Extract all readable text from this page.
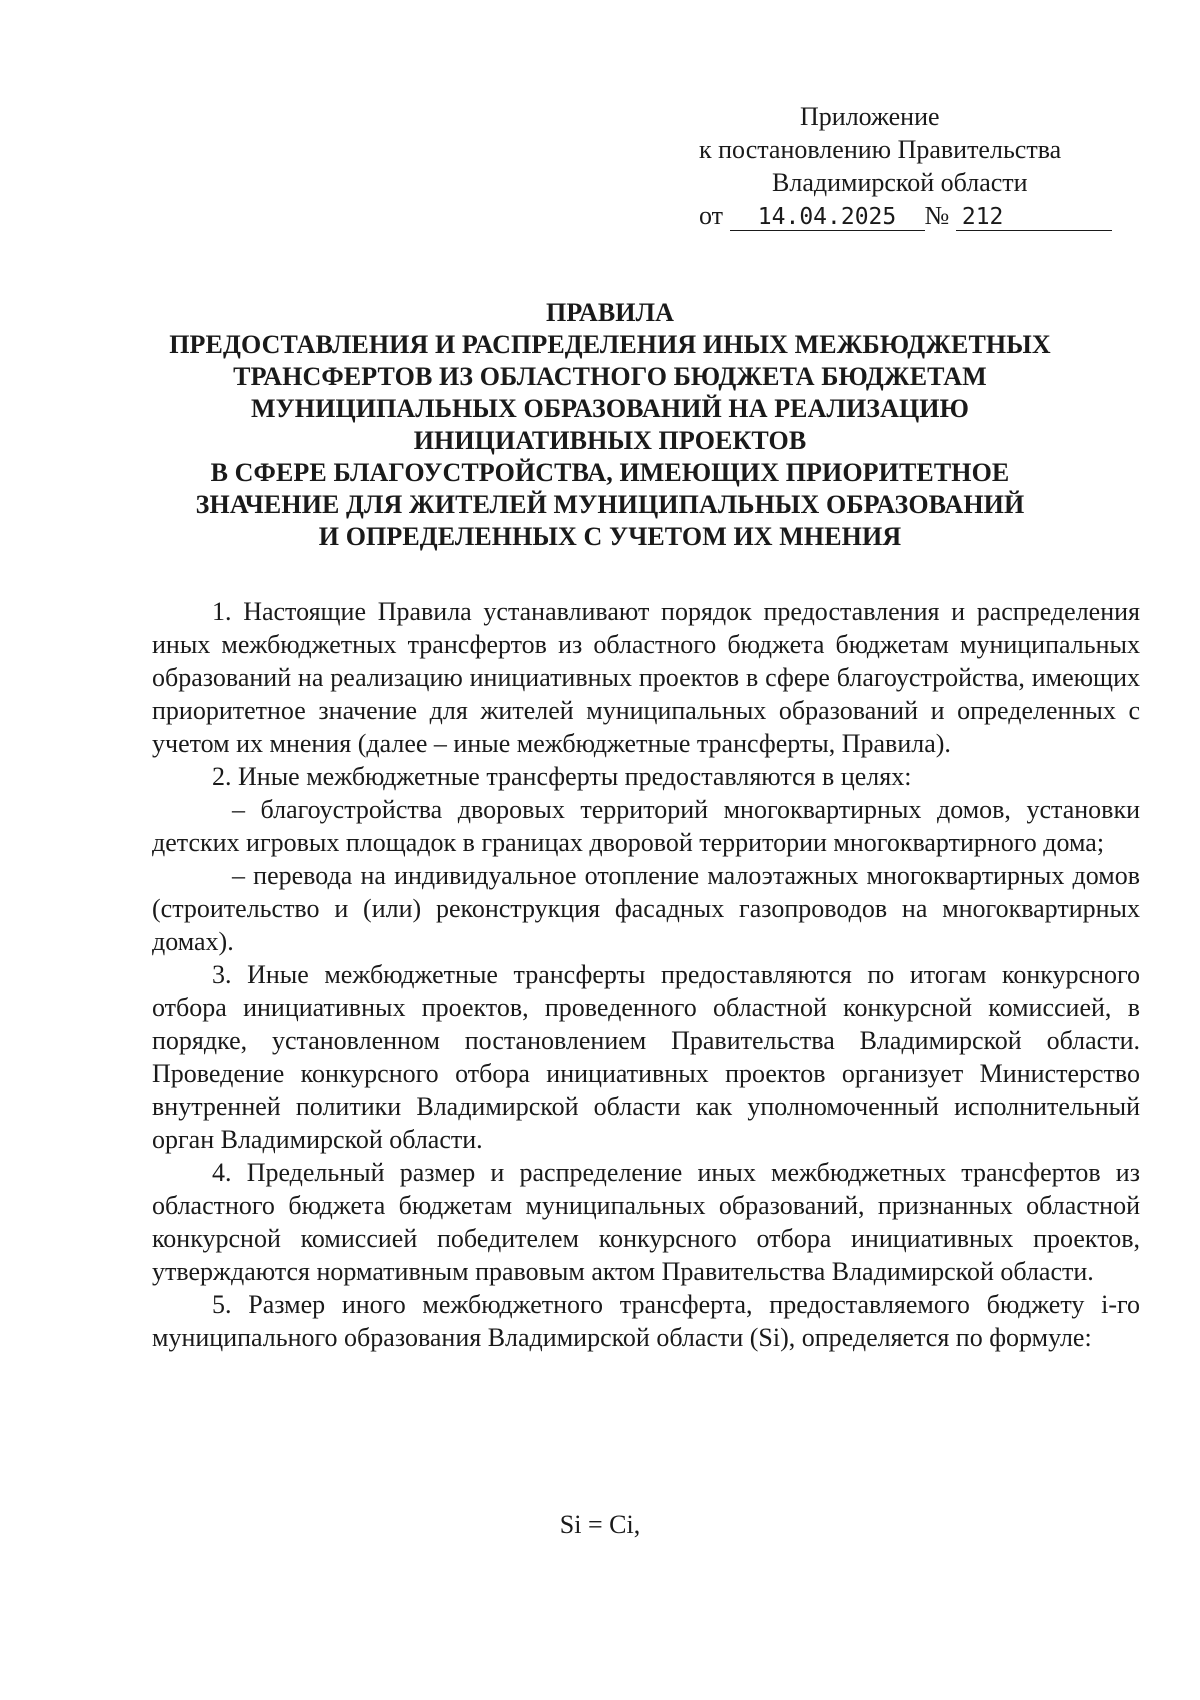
Приложение
к постановлению Правительства
Владимирской области
от 14.04.2025 № 212
ПРАВИЛА
ПРЕДОСТАВЛЕНИЯ И РАСПРЕДЕЛЕНИЯ ИНЫХ МЕЖБЮДЖЕТНЫХ
ТРАНСФЕРТОВ ИЗ ОБЛАСТНОГО БЮДЖЕТА БЮДЖЕТАМ
МУНИЦИПАЛЬНЫХ ОБРАЗОВАНИЙ НА РЕАЛИЗАЦИЮ
ИНИЦИАТИВНЫХ ПРОЕКТОВ
В СФЕРЕ БЛАГОУСТРОЙСТВА, ИМЕЮЩИХ ПРИОРИТЕТНОЕ
ЗНАЧЕНИЕ ДЛЯ ЖИТЕЛЕЙ МУНИЦИПАЛЬНЫХ ОБРАЗОВАНИЙ
И ОПРЕДЕЛЕННЫХ С УЧЕТОМ ИХ МНЕНИЯ

1. Настоящие Правила устанавливают порядок предоставления и распределения иных межбюджетных трансфертов из областного бюджета бюджетам муниципальных образований на реализацию инициативных проектов в сфере благоустройства, имеющих приоритетное значение для жителей муниципальных образований и определенных с учетом их мнения (далее – иные межбюджетные трансферты, Правила).

2. Иные межбюджетные трансферты предоставляются в целях:

– благоустройства дворовых территорий многоквартирных домов, установки детских игровых площадок в границах дворовой территории многоквартирного дома;

– перевода на индивидуальное отопление малоэтажных многоквартирных домов (строительство и (или) реконструкция фасадных газопроводов на многоквартирных домах).

3. Иные межбюджетные трансферты предоставляются по итогам конкурсного отбора инициативных проектов, проведенного областной конкурсной комиссией, в порядке, установленном постановлением Правительства Владимирской области. Проведение конкурсного отбора инициативных проектов организует Министерство внутренней политики Владимирской области как уполномоченный исполнительный орган Владимирской области.

4. Предельный размер и распределение иных межбюджетных трансфертов из областного бюджета бюджетам муниципальных образований, признанных областной конкурсной комиссией победителем конкурсного отбора инициативных проектов, утверждаются нормативным правовым актом Правительства Владимирской области.

5. Размер иного межбюджетного трансферта, предоставляемого бюджету i-го муниципального образования Владимирской области (Si), определяется по формуле:

Si = Ci,
